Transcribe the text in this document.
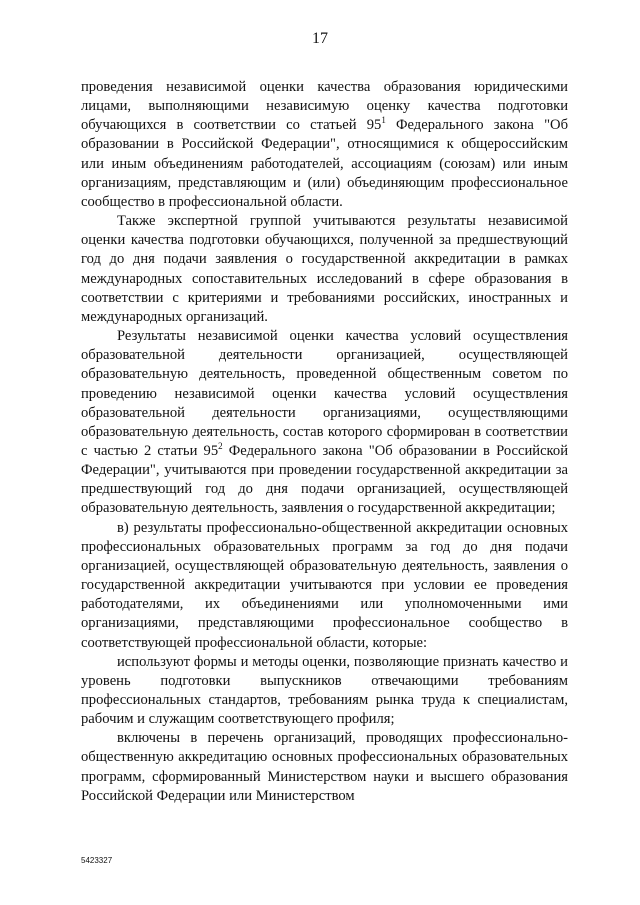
17

проведения независимой оценки качества образования юридическими лицами, выполняющими независимую оценку качества подготовки обучающихся в соответствии со статьей $95^1$ Федерального закона "Об образовании в Российской Федерации", относящимися к общероссийским или иным объединениям работодателей, ассоциациям (союзам) или иным организациям, представляющим и (или) объединяющим профессиональное сообщество в профессиональной области.

Также экспертной группой учитываются результаты независимой оценки качества подготовки обучающихся, полученной за предшествующий год до дня подачи заявления о государственной аккредитации в рамках международных сопоставительных исследований в сфере образования в соответствии с критериями и требованиями российских, иностранных и международных организаций.

Результаты независимой оценки качества условий осуществления образовательной деятельности организацией, осуществляющей образовательную деятельность, проведенной общественным советом по проведению независимой оценки качества условий осуществления образовательной деятельности организациями, осуществляющими образовательную деятельность, состав которого сформирован в соответствии с частью 2 статьи $95^2$ Федерального закона "Об образовании в Российской Федерации", учитываются при проведении государственной аккредитации за предшествующий год до дня подачи организацией, осуществляющей образовательную деятельность, заявления о государственной аккредитации;

в) результаты профессионально-общественной аккредитации основных профессиональных образовательных программ за год до дня подачи организацией, осуществляющей образовательную деятельность, заявления о государственной аккредитации учитываются при условии ее проведения работодателями, их объединениями или уполномоченными ими организациями, представляющими профессиональное сообщество в соответствующей профессиональной области, которые:

используют формы и методы оценки, позволяющие признать качество и уровень подготовки выпускников отвечающими требованиям профессиональных стандартов, требованиям рынка труда к специалистам, рабочим и служащим соответствующего профиля;

включены в перечень организаций, проводящих профессионально-общественную аккредитацию основных профессиональных образовательных программ, сформированный Министерством науки и высшего образования Российской Федерации или Министерством

5423327
